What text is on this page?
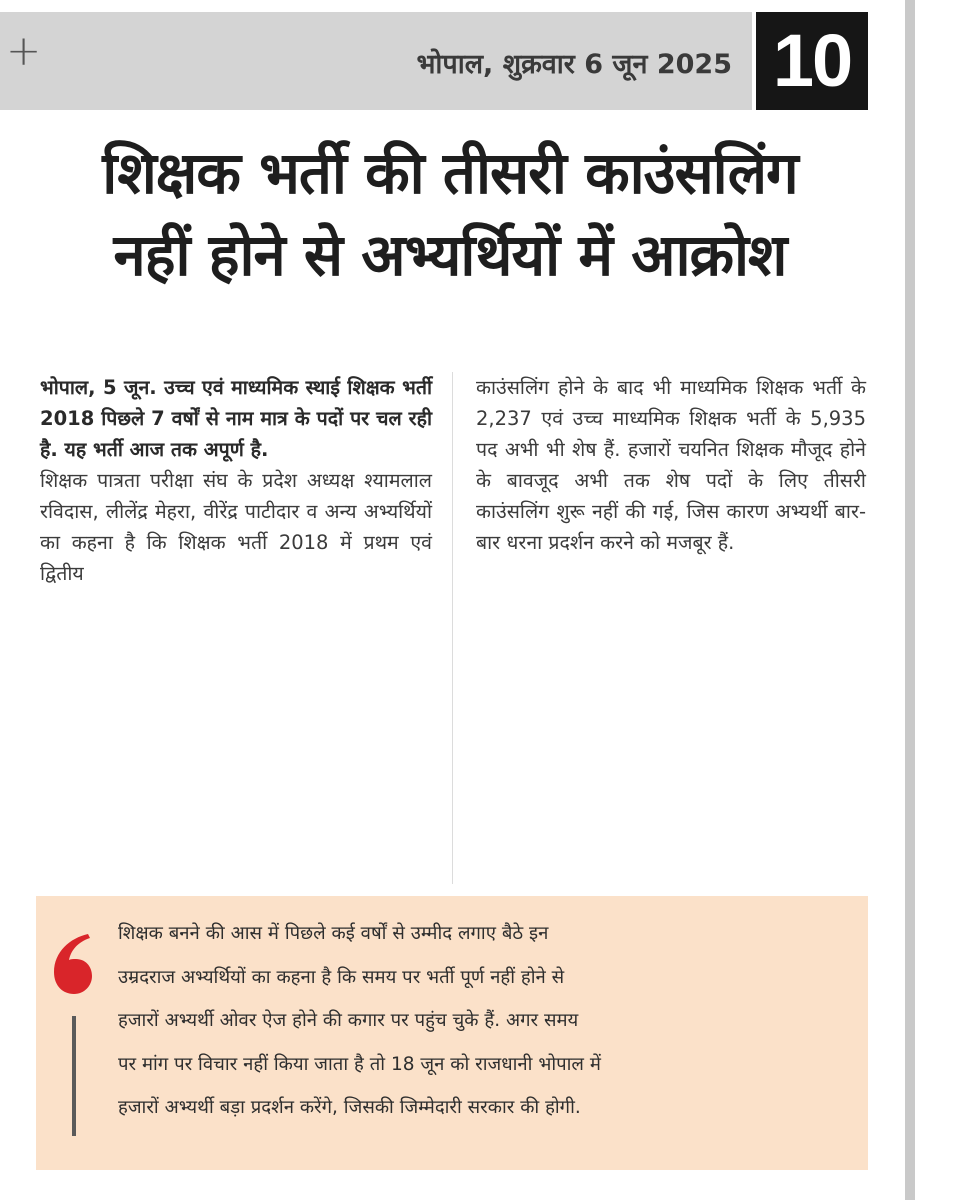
+	भोपाल, शुक्रवार 6 जून 2025 10
शिक्षक भर्ती की तीसरी काउंसलिंग
नहीं होने से अभ्यर्थियों में आक्रोश

भोपाल, 5 जून. उच्च एवं माध्यमिक स्थाई शिक्षक भर्ती 2018 पिछले 7 वर्षों से नाम मात्र के पदों पर चल रही है. यह भर्ती आज तक अपूर्ण है.

शिक्षक पात्रता परीक्षा संघ के प्रदेश अध्यक्ष श्यामलाल रविदास, लीलेंद्र मेहरा, वीरेंद्र पाटीदार व अन्य अभ्यर्थियों का कहना है कि शिक्षक भर्ती 2018 में प्रथम एवं द्वितीय

काउंसलिंग होने के बाद भी माध्यमिक शिक्षक भर्ती के 2,237 एवं उच्च माध्यमिक शिक्षक भर्ती के 5,935 पद अभी भी शेष हैं. हजारों चयनित शिक्षक मौजूद होने के बावजूद अभी तक शेष पदों के लिए तीसरी काउंसलिंग शुरू नहीं की गई, जिस कारण अभ्यर्थी बार-बार धरना प्रदर्शन करने को मजबूर हैं.

शिक्षक बनने की आस में पिछले कई वर्षों से उम्मीद लगाए बैठे इन
उम्रदराज अभ्यर्थियों का कहना है कि समय पर भर्ती पूर्ण नहीं होने से
हजारों अभ्यर्थी ओवर ऐज होने की कगार पर पहुंच चुके हैं. अगर समय
पर मांग पर विचार नहीं किया जाता है तो 18 जून को राजधानी भोपाल में
हजारों अभ्यर्थी बड़ा प्रदर्शन करेंगे, जिसकी जिम्मेदारी सरकार की होगी.
